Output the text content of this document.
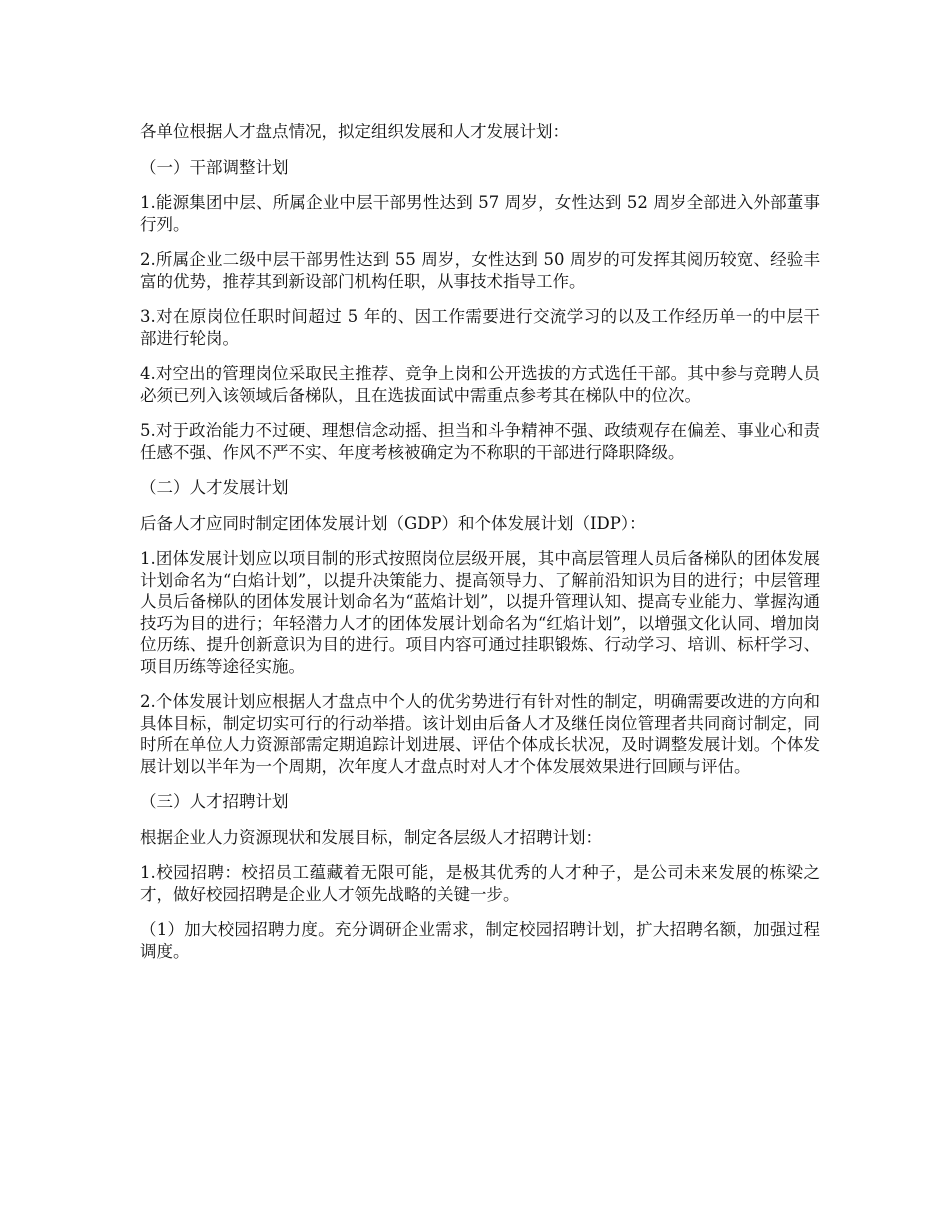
各单位根据人才盘点情况，拟定组织发展和人才发展计划：

（一）干部调整计划

1.能源集团中层、所属企业中层干部男性达到 57 周岁，女性达到 52 周岁全部进入外部董事行列。

2.所属企业二级中层干部男性达到 55 周岁，女性达到 50 周岁的可发挥其阅历较宽、经验丰富的优势，推荐其到新设部门机构任职，从事技术指导工作。

3.对在原岗位任职时间超过 5 年的、因工作需要进行交流学习的以及工作经历单一的中层干部进行轮岗。

4.对空出的管理岗位采取民主推荐、竞争上岗和公开选拔的方式选任干部。其中参与竞聘人员必须已列入该领域后备梯队，且在选拔面试中需重点参考其在梯队中的位次。

5.对于政治能力不过硬、理想信念动摇、担当和斗争精神不强、政绩观存在偏差、事业心和责任感不强、作风不严不实、年度考核被确定为不称职的干部进行降职降级。

（二）人才发展计划

后备人才应同时制定团体发展计划（GDP）和个体发展计划（IDP）：

1.团体发展计划应以项目制的形式按照岗位层级开展，其中高层管理人员后备梯队的团体发展计划命名为“白焰计划”，以提升决策能力、提高领导力、了解前沿知识为目的进行；中层管理人员后备梯队的团体发展计划命名为“蓝焰计划”，以提升管理认知、提高专业能力、掌握沟通技巧为目的进行；年轻潜力人才的团体发展计划命名为“红焰计划”，以增强文化认同、增加岗位历练、提升创新意识为目的进行。项目内容可通过挂职锻炼、行动学习、培训、标杆学习、项目历练等途径实施。

2.个体发展计划应根据人才盘点中个人的优劣势进行有针对性的制定，明确需要改进的方向和具体目标，制定切实可行的行动举措。该计划由后备人才及继任岗位管理者共同商讨制定，同时所在单位人力资源部需定期追踪计划进展、评估个体成长状况，及时调整发展计划。个体发展计划以半年为一个周期，次年度人才盘点时对人才个体发展效果进行回顾与评估。

（三）人才招聘计划

根据企业人力资源现状和发展目标，制定各层级人才招聘计划：

1.校园招聘：校招员工蕴藏着无限可能，是极其优秀的人才种子，是公司未来发展的栋梁之才，做好校园招聘是企业人才领先战略的关键一步。

（1）加大校园招聘力度。充分调研企业需求，制定校园招聘计划，扩大招聘名额，加强过程调度。
